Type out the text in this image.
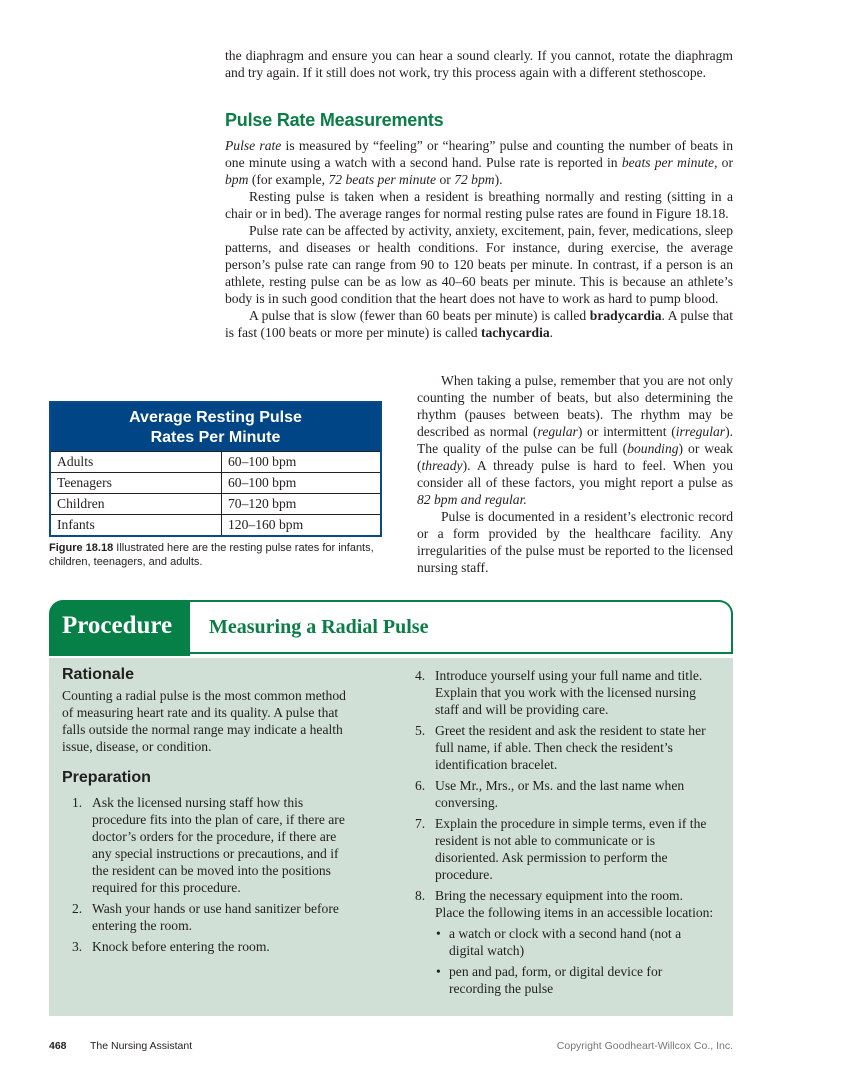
the diaphragm and ensure you can hear a sound clearly. If you cannot, rotate the diaphragm and try again. If it still does not work, try this process again with a different stethoscope.

Pulse Rate Measurements

Pulse rate is measured by “feeling” or “hearing” pulse and counting the number of beats in one minute using a watch with a second hand. Pulse rate is reported in beats per minute, or bpm (for example, 72 beats per minute or 72 bpm).

Resting pulse is taken when a resident is breathing normally and resting (sitting in a chair or in bed). The average ranges for normal resting pulse rates are found in Figure 18.18.

Pulse rate can be affected by activity, anxiety, excitement, pain, fever, medications, sleep patterns, and diseases or health conditions. For instance, during exercise, the average person’s pulse rate can range from 90 to 120 beats per minute. In contrast, if a person is an athlete, resting pulse can be as low as 40–60 beats per minute. This is because an athlete’s body is in such good condition that the heart does not have to work as hard to pump blood.

A pulse that is slow (fewer than 60 beats per minute) is called bradycardia. A pulse that is fast (100 beats or more per minute) is called tachycardia.

When taking a pulse, remember that you are not only counting the number of beats, but also determining the rhythm (pauses between beats). The rhythm may be described as normal (regular) or intermittent (irregular). The quality of the pulse can be full (bounding) or weak (thready). A thready pulse is hard to feel. When you consider all of these factors, you might report a pulse as 82 bpm and regular.

Pulse is documented in a resident’s electronic record or a form provided by the healthcare facility. Any irregularities of the pulse must be reported to the licensed nursing staff.

Average Resting Pulse
Rates Per Minute
Adults	60–100 bpm
Teenagers	60–100 bpm
Children	70–120 bpm
Infants	120–160 bpm
Figure 18.18 Illustrated here are the resting pulse rates for infants, children, teenagers, and adults.
Procedure Measuring a Radial Pulse

Rationale

Counting a radial pulse is the most common method of measuring heart rate and its quality. A pulse that falls outside the normal range may indicate a health issue, disease, or condition.

Preparation

1. Ask the licensed nursing staff how this procedure fits into the plan of care, if there are doctor’s orders for the procedure, if there are any special instructions or precautions, and if the resident can be moved into the positions required for this procedure.
2. Wash your hands or use hand sanitizer before entering the room.
3. Knock before entering the room.
4. Introduce yourself using your full name and title. Explain that you work with the licensed nursing staff and will be providing care.
5. Greet the resident and ask the resident to state her full name, if able. Then check the resident’s identification bracelet.
6. Use Mr., Mrs., or Ms. and the last name when conversing.
7. Explain the procedure in simple terms, even if the resident is not able to communicate or is disoriented. Ask permission to perform the procedure.
8. Bring the necessary equipment into the room. Place the following items in an accessible location:
• a watch or clock with a second hand (not a digital watch)
• pen and pad, form, or digital device for recording the pulse
468 The Nursing Assistant	Copyright Goodheart-Willcox Co., Inc.
